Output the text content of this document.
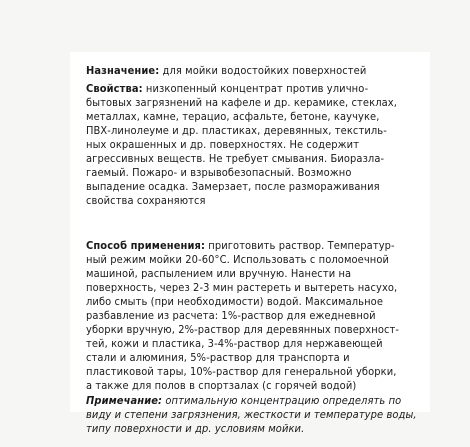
Назначение: для мойки водостойких поверхностей

Свойства: низкопенный концентрат против уличнo-

бытовых загрязнений на кафеле и др. керамике, стеклах,

металлах, камне, терацио, асфальте, бетоне, каучуке,

ПВХ-линолеуме и др. пластиках, деревянных, текстиль-

ных окрашенных и др. поверхностях. Не содержит

агрессивных веществ. Не требует смывания. Биоразла-

гаемый. Пожаро- и взрывобезопасный. Возможно

выпадение осадка. Замерзает, после размораживания

свойства сохраняются

Способ применения: приготовить раствор. Температур-

ный режим мойки 20-60°С. Использовать с поломоечной

машиной, распылением или вручную. Нанести на

поверхность, через 2-3 мин растереть и вытереть насухо,

либо смыть (при необходимости) водой. Максимальное

разбавление из расчета: 1%-раствор для ежедневной

уборки вручную, 2%-раствор для деревянных поверхност-

тей, кожи и пластика, 3-4%-раствор для нержавеющей

стали и алюминия, 5%-раствор для транспорта и

пластиковой тары, 10%-раствор для генеральной уборки,

а также для полов в спортзалах (с горячей водой)

Примечание: оптимальную концентрацию определять по

виду и степени загрязнения, жесткости и температуре воды,

типу поверхности и др. условиям мойки.
